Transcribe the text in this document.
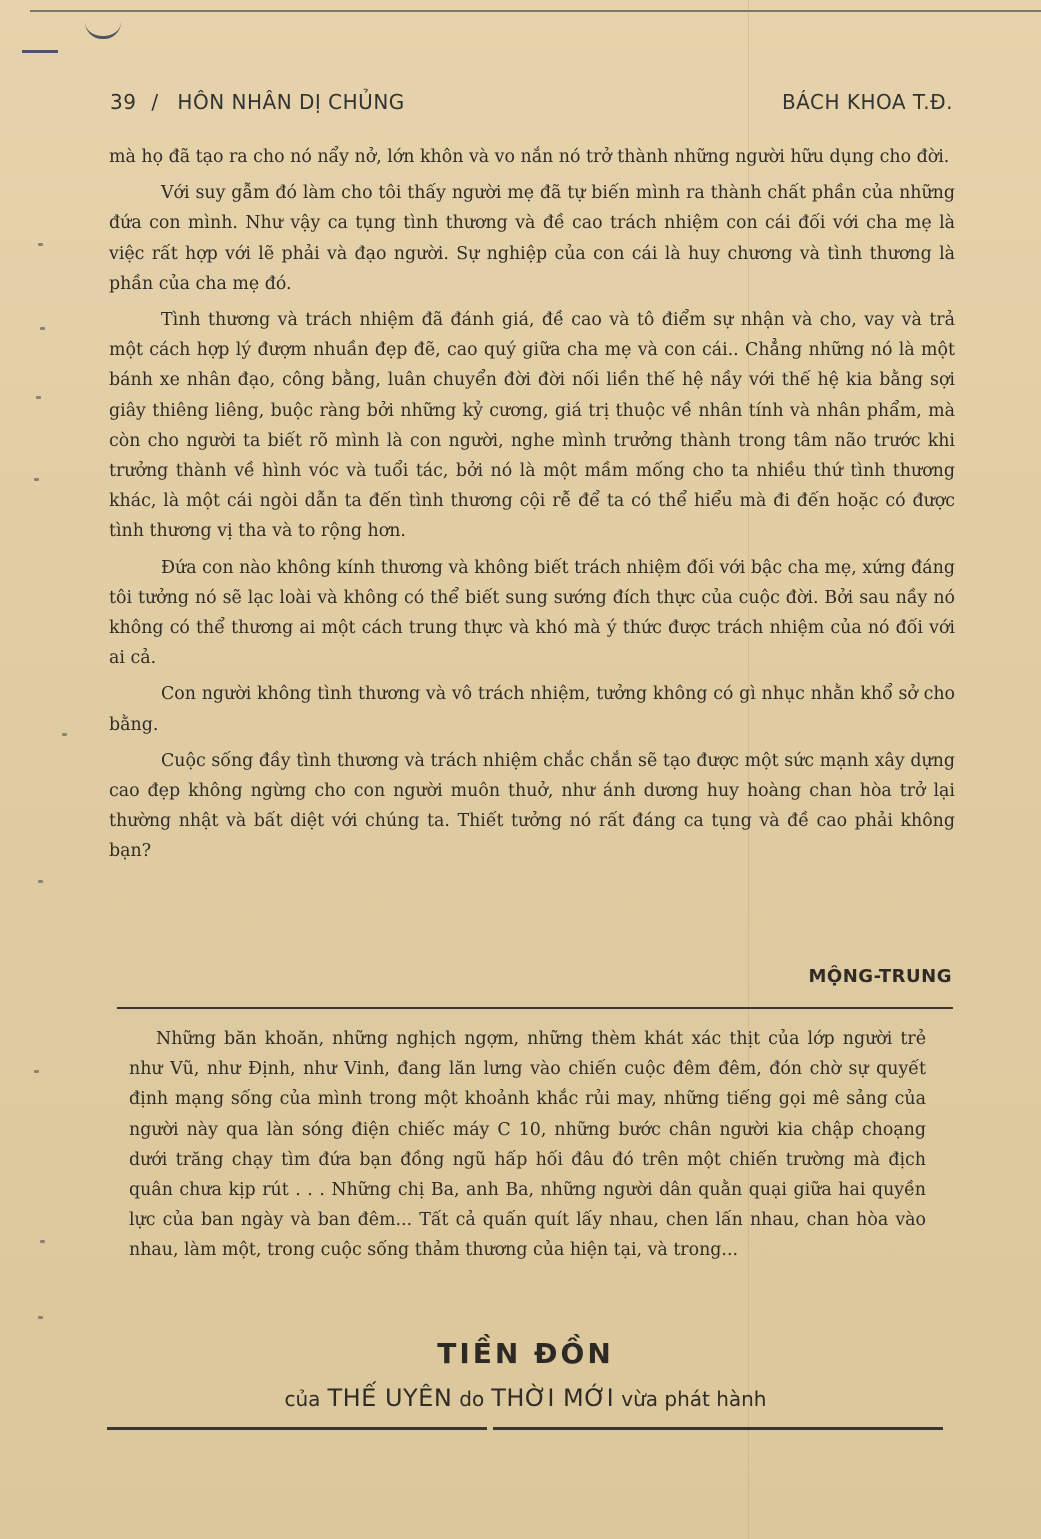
39 / HÔN NHÂN DỊ CHỦNG	BÁCH KHOA T.Đ.

mà họ đã tạo ra cho nó nẩy nở, lớn khôn và vo nắn nó trở thành những người hữu dụng cho đời.

Với suy gẫm đó làm cho tôi thấy người mẹ đã tự biến mình ra thành chất phần của những đứa con mình. Như vậy ca tụng tình thương và đề cao trách nhiệm con cái đối với cha mẹ là việc rất hợp với lẽ phải và đạo người. Sự nghiệp của con cái là huy chương và tình thương là phần của cha mẹ đó.

Tình thương và trách nhiệm đã đánh giá, đề cao và tô điểm sự nhận và cho, vay và trả một cách hợp lý đượm nhuần đẹp đẽ, cao quý giữa cha mẹ và con cái.. Chẳng những nó là một bánh xe nhân đạo, công bằng, luân chuyển đời đời nối liền thế hệ nầy với thế hệ kia bằng sợi giây thiêng liêng, buộc ràng bởi những kỷ cương, giá trị thuộc về nhân tính và nhân phẩm, mà còn cho người ta biết rõ mình là con người, nghe mình trưởng thành trong tâm não trước khi trưởng thành về hình vóc và tuổi tác, bởi nó là một mầm mống cho ta nhiều thứ tình thương khác, là một cái ngòi dẫn ta đến tình thương cội rễ để ta có thể hiểu mà đi đến hoặc có được tình thương vị tha và to rộng hơn.

Đứa con nào không kính thương và không biết trách nhiệm đối với bậc cha mẹ, xứng đáng tôi tưởng nó sẽ lạc loài và không có thể biết sung sướng đích thực của cuộc đời. Bởi sau nầy nó không có thể thương ai một cách trung thực và khó mà ý thức được trách nhiệm của nó đối với ai cả.

Con người không tình thương và vô trách nhiệm, tưởng không có gì nhục nhằn khổ sở cho bằng.

Cuộc sống đầy tình thương và trách nhiệm chắc chắn sẽ tạo được một sức mạnh xây dựng cao đẹp không ngừng cho con người muôn thuở, như ánh dương huy hoàng chan hòa trở lại thường nhật và bất diệt với chúng ta. Thiết tưởng nó rất đáng ca tụng và đề cao phải không bạn?

MỘNG-TRUNG

Những băn khoăn, những nghịch ngợm, những thèm khát xác thịt của lớp người trẻ như Vũ, như Định, như Vinh, đang lăn lưng vào chiến cuộc đêm đêm, đón chờ sự quyết định mạng sống của mình trong một khoảnh khắc rủi may, những tiếng gọi mê sảng của người này qua làn sóng điện chiếc máy C 10, những bước chân người kia chập choạng dưới trăng chạy tìm đứa bạn đồng ngũ hấp hối đâu đó trên một chiến trường mà địch quân chưa kịp rút . . . Những chị Ba, anh Ba, những người dân quằn quại giữa hai quyền lực của ban ngày và ban đêm... Tất cả quấn quít lấy nhau, chen lấn nhau, chan hòa vào nhau, làm một, trong cuộc sống thảm thương của hiện tại, và trong...

TIỀN ĐỒN
của THẾ UYÊN do THỜI MỚI vừa phát hành
